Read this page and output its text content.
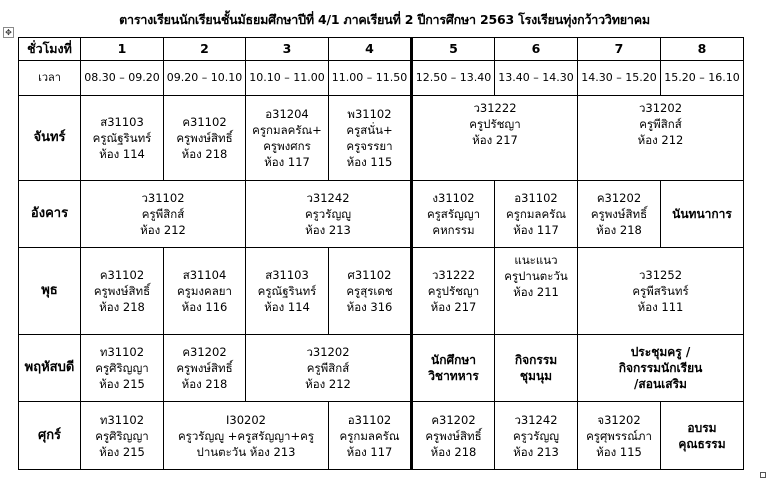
ตารางเรียนนักเรียนชั้นมัธยมศึกษาปีที่ 4/1 ภาคเรียนที่ 2 ปีการศึกษา 2563 โรงเรียนทุ่งกว้าววิทยาคม
✥
ชั่วโมงที่	1	2	3	4	5	6	7	8
เวลา	08.30 – 09.20	09.20 – 10.10	10.10 – 11.00	11.00 – 11.50	12.50 – 13.40	13.40 – 14.30	14.30 – 15.20	15.20 – 16.10
จันทร์	ส31103
ครูณัฐรินทร์
ห้อง 114	ค31102
ครูพงษ์สิทธิ์
ห้อง 218	อ31204
ครูกมลครัณ+
ครูพงศกร
ห้อง 117	พ31102
ครูสนั่น+
ครูจรรยา
ห้อง 115	ว31222
ครูปรัชญา
ห้อง 217		ว31202
ครูพีสิกส์
ห้อง 212	

อังคาร	ว31102
ครูพีสิกส์
ห้อง 212		ว31242
ครูวรัญญู
ห้อง 213		ง31102
ครูสรัญญา
คหกรรม	อ31102
ครูกมลครัณ
ห้อง 117	ค31202
ครูพงษ์สิทธิ์
ห้อง 218	นันทนาการ

พุธ	ค31102
ครูพงษ์สิทธิ์
ห้อง 218	ส31104
ครูมงคลยา
ห้อง 116	ส31103
ครูณัฐรินทร์
ห้อง 114	ศ31102
ครูสุรเดช
ห้อง 316	ว31222
ครูปรัชญา
ห้อง 217	แนะแนว
ครูปานตะวัน
ห้อง 211	ว31252
ครูพีสรินทร์
ห้อง 111	

พฤหัสบดี	ท31102
ครูศิริญญา
ห้อง 215	ค31202
ครูพงษ์สิทธิ์
ห้อง 218	ว31202
ครูพีสิกส์
ห้อง 212		นักศึกษา
วิชาทหาร	กิจกรรม
ชุมนุม	ประชุมครู /
กิจกรรมนักเรียน
/สอนเสริม	

ศุกร์	ท31102
ครูศิริญญา
ห้อง 215	I30202
ครูวรัญญู +ครูสรัญญา+ครู
ปานตะวัน ห้อง 213		อ31102
ครูกมลครัณ
ห้อง 117	ค31202
ครูพงษ์สิทธิ์
ห้อง 218	ว31242
ครูวรัญญู
ห้อง 213	จ31202
ครูศุพรรณ์ภา
ห้อง 115	อบรม
คุณธรรม
